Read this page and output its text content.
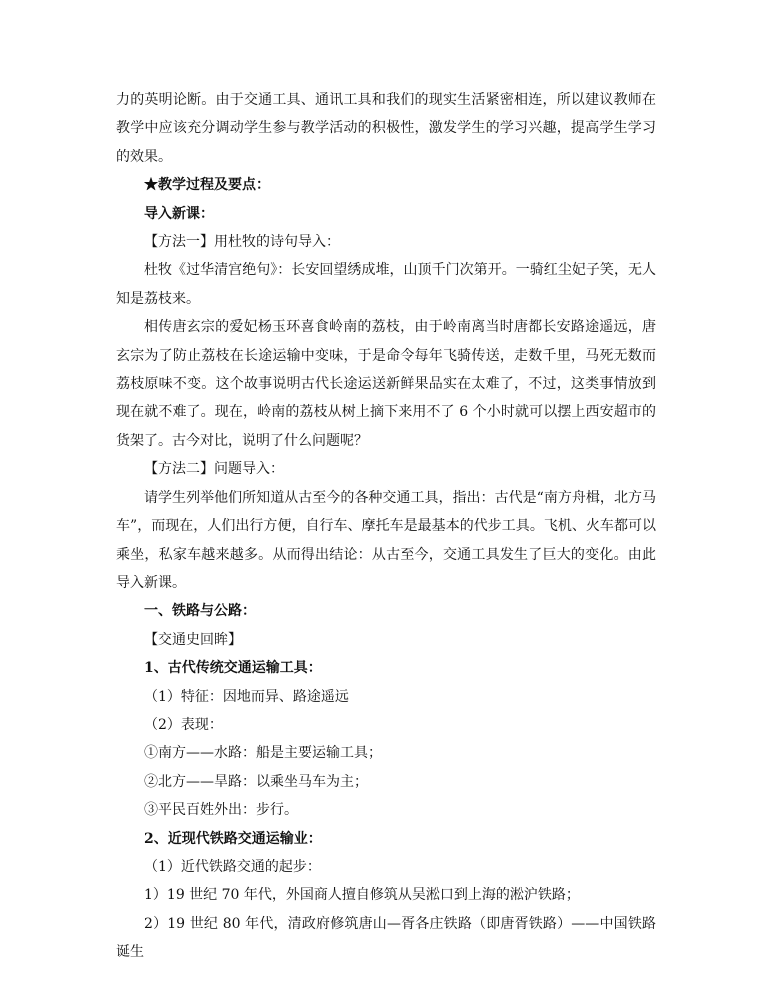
力的英明论断。由于交通工具、通讯工具和我们的现实生活紧密相连，所以建议教师在教学中应该充分调动学生参与教学活动的积极性，激发学生的学习兴趣，提高学生学习的效果。

★教学过程及要点：

导入新课：

【方法一】用杜牧的诗句导入：

杜牧《过华清宫绝句》：长安回望绣成堆，山顶千门次第开。一骑红尘妃子笑，无人知是荔枝来。

相传唐玄宗的爱妃杨玉环喜食岭南的荔枝，由于岭南离当时唐都长安路途遥远，唐玄宗为了防止荔枝在长途运输中变味，于是命令每年飞骑传送，走数千里，马死无数而荔枝原味不变。这个故事说明古代长途运送新鲜果品实在太难了，不过，这类事情放到现在就不难了。现在，岭南的荔枝从树上摘下来用不了 6 个小时就可以摆上西安超市的货架了。古今对比，说明了什么问题呢？

【方法二】问题导入：

请学生列举他们所知道从古至今的各种交通工具，指出：古代是“南方舟楫，北方马车”，而现在，人们出行方便，自行车、摩托车是最基本的代步工具。飞机、火车都可以乘坐，私家车越来越多。从而得出结论：从古至今，交通工具发生了巨大的变化。由此导入新课。

一、铁路与公路：

【交通史回眸】

1、古代传统交通运输工具：

（1）特征：因地而异、路途遥远

（2）表现：

①南方——水路：船是主要运输工具；

②北方——旱路：以乘坐马车为主；

③平民百姓外出：步行。

2、近现代铁路交通运输业：

（1）近代铁路交通的起步：

1）19 世纪 70 年代，外国商人擅自修筑从吴淞口到上海的淞沪铁路；

2）19 世纪 80 年代，清政府修筑唐山—胥各庄铁路（即唐胥铁路）——中国铁路诞生
